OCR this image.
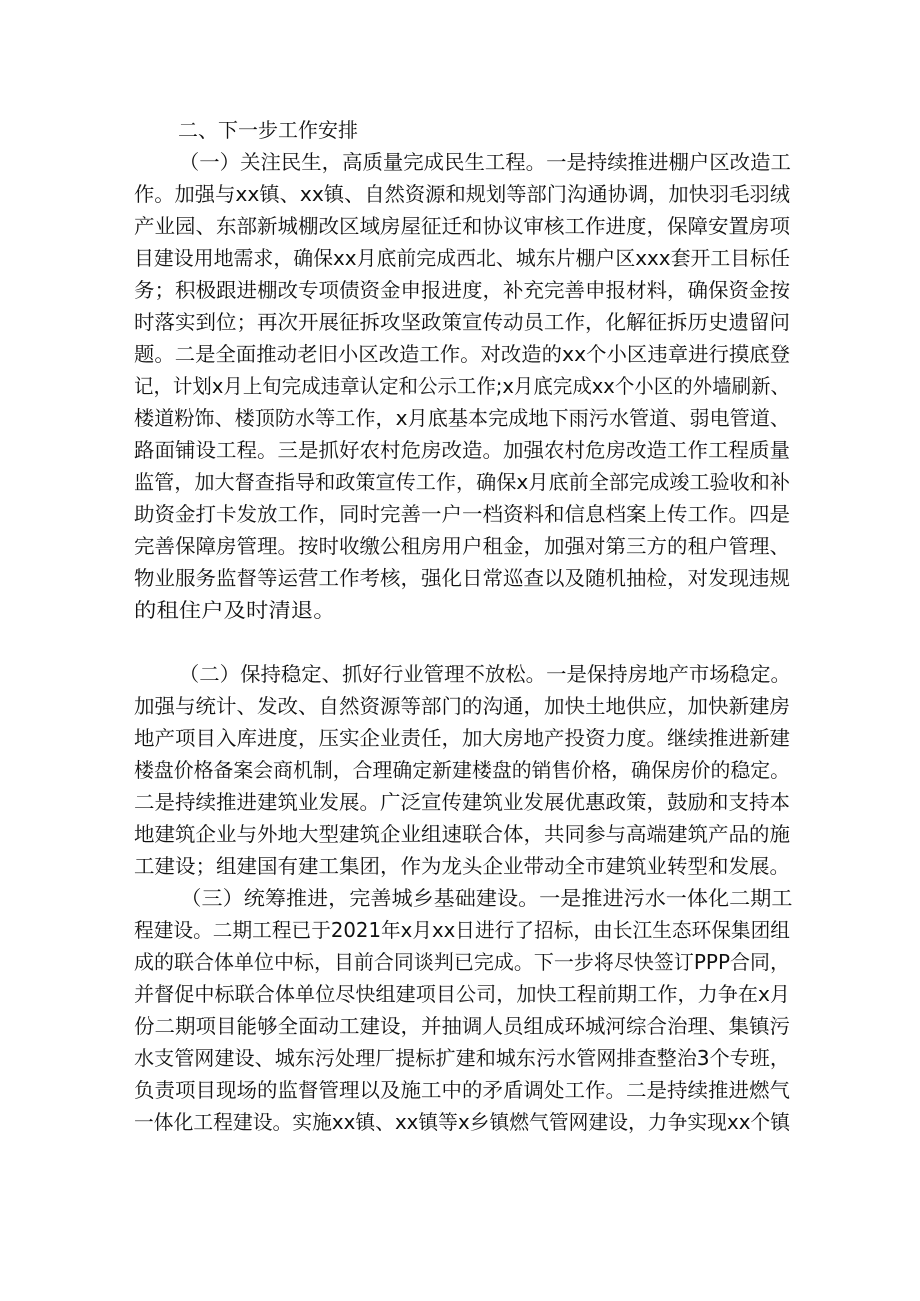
二、下一步工作安排
（一）关注民生，高质量完成民生工程。一是持续推进棚户区改造工
作。加强与xx镇、xx镇、自然资源和规划等部门沟通协调，加快羽毛羽绒
产业园、东部新城棚改区域房屋征迁和协议审核工作进度，保障安置房项
目建设用地需求，确保xx月底前完成西北、城东片棚户区xxx套开工目标任
务；积极跟进棚改专项债资金申报进度，补充完善申报材料，确保资金按
时落实到位；再次开展征拆攻坚政策宣传动员工作，化解征拆历史遗留问
题。二是全面推动老旧小区改造工作。对改造的xx个小区违章进行摸底登
记，计划x月上旬完成违章认定和公示工作;x月底完成xx个小区的外墙刷新、
楼道粉饰、楼顶防水等工作，x月底基本完成地下雨污水管道、弱电管道、
路面铺设工程。三是抓好农村危房改造。加强农村危房改造工作工程质量
监管，加大督查指导和政策宣传工作，确保x月底前全部完成竣工验收和补
助资金打卡发放工作，同时完善一户一档资料和信息档案上传工作。四是
完善保障房管理。按时收缴公租房用户租金，加强对第三方的租户管理、
物业服务监督等运营工作考核，强化日常巡查以及随机抽检，对发现违规
的租住户及时清退。
（二）保持稳定、抓好行业管理不放松。一是保持房地产市场稳定。
加强与统计、发改、自然资源等部门的沟通，加快土地供应，加快新建房
地产项目入库进度，压实企业责任，加大房地产投资力度。继续推进新建
楼盘价格备案会商机制，合理确定新建楼盘的销售价格，确保房价的稳定。
二是持续推进建筑业发展。广泛宣传建筑业发展优惠政策，鼓励和支持本
地建筑企业与外地大型建筑企业组速联合体，共同参与高端建筑产品的施
工建设；组建国有建工集团，作为龙头企业带动全市建筑业转型和发展。
（三）统筹推进，完善城乡基础建设。一是推进污水一体化二期工
程建设。二期工程已于2021年x月xx日进行了招标，由长江生态环保集团组
成的联合体单位中标，目前合同谈判已完成。下一步将尽快签订PPP合同，
并督促中标联合体单位尽快组建项目公司，加快工程前期工作，力争在x月
份二期项目能够全面动工建设，并抽调人员组成环城河综合治理、集镇污
水支管网建设、城东污处理厂提标扩建和城东污水管网排查整治3个专班，
负责项目现场的监督管理以及施工中的矛盾调处工作。二是持续推进燃气
一体化工程建设。实施xx镇、xx镇等x乡镇燃气管网建设，力争实现xx个镇
